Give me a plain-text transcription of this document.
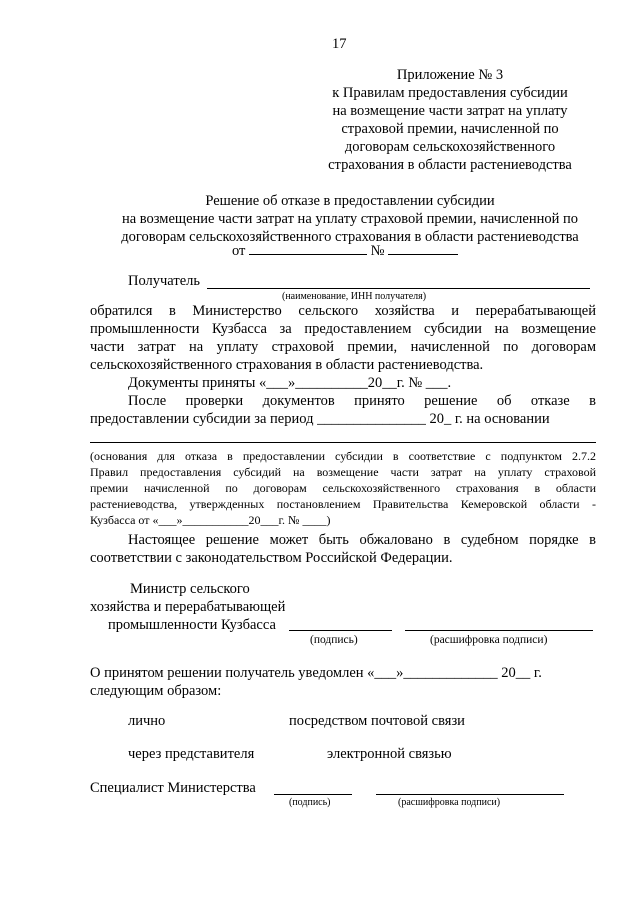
17
Приложение № 3
к Правилам предоставления субсидии
на возмещение части затрат на уплату
страховой премии, начисленной по
договорам сельскохозяйственного
страхования в области растениеводства
Решение об отказе в предоставлении субсидии
на возмещение части затрат на уплату страховой премии, начисленной по
договорам сельскохозяйственного страхования в области растениеводства
от	№
Получатель
(наименование, ИНН получателя)
обратился в Министерство сельского хозяйства и перерабатывающей
промышленности Кузбасса за предоставлением субсидии на возмещение
части затрат на уплату страховой премии, начисленной по договорам
сельскохозяйственного страхования в области растениеводства.
Документы приняты «___»__________20__г. № ___.
После проверки документов принято решение об отказе в
предоставлении субсидии за период _______________ 20_ г. на основании
(основания для отказа в предоставлении субсидии в соответствие с подпунктом 2.7.2
Правил предоставления субсидий на возмещение части затрат на уплату страховой
премии начисленной по договорам сельскохозяйственного страхования в области
растениеводства, утвержденных постановлением Правительства Кемеровской области -
Кузбасса от «___»___________20___г. № ____)
Настоящее решение может быть обжаловано в судебном порядке в
соответствии с законодательством Российской Федерации.
Министр сельского
хозяйства и перерабатывающей
промышленности Кузбасса
(подпись)	(расшифровка подписи)
О принятом решении получатель уведомлен «___»_____________ 20__ г.
следующим образом:
лично	посредством почтовой связи
через представителя	электронной связью
Специалист Министерства
(подпись)	(расшифровка подписи)
